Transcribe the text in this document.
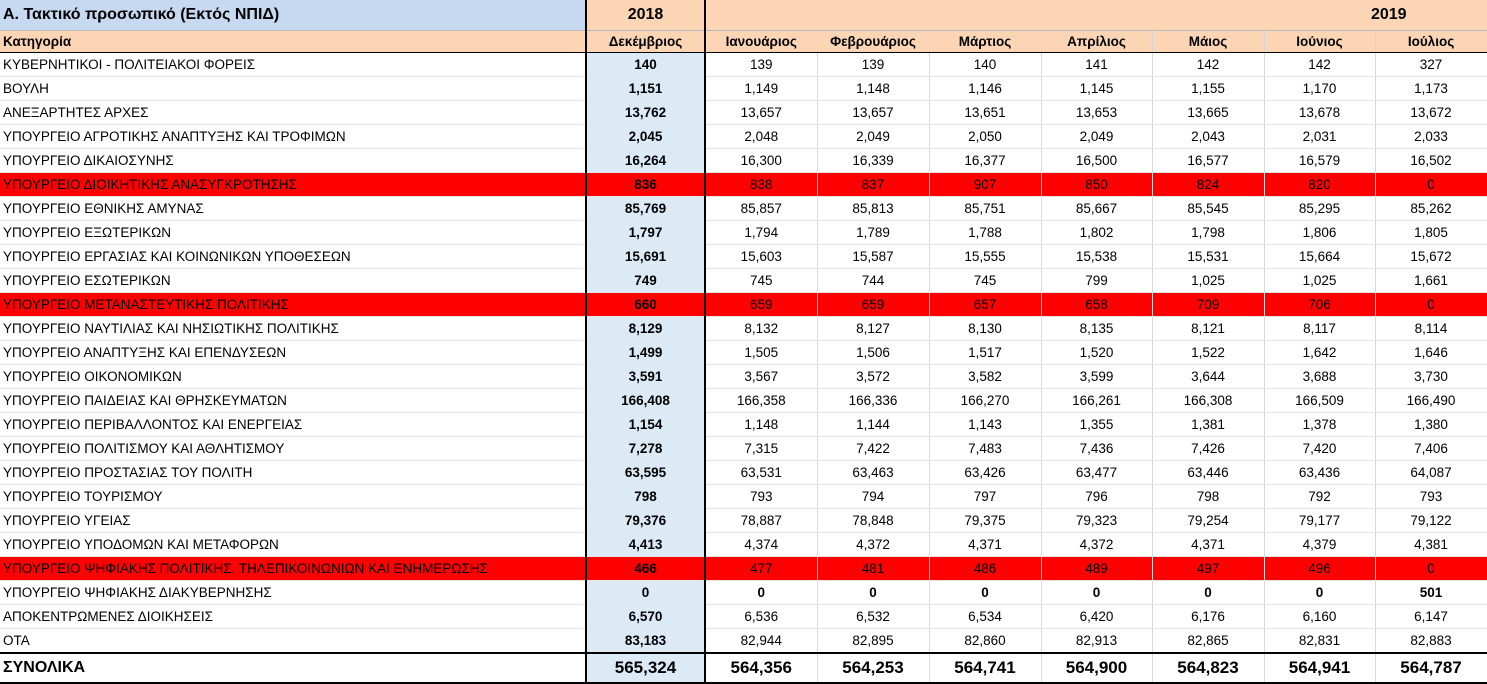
Α. Τακτικό προσωπικό (Εκτός ΝΠΙΔ)	2018	2019						
Κατηγορία	Δεκέμβριος	Ιανουάριος	Φεβρουάριος	Μάρτιος	Απρίλιος	Μάιος	Ιούνιος	Ιούλιος
ΚΥΒΕΡΝΗΤΙΚΟΙ - ΠΟΛΙΤΕΙΑΚΟΙ ΦΟΡΕΙΣ	140	139	139	140	141	142	142	327
ΒΟΥΛΗ	1,151	1,149	1,148	1,146	1,145	1,155	1,170	1,173
ΑΝΕΞΑΡΤΗΤΕΣ ΑΡΧΕΣ	13,762	13,657	13,657	13,651	13,653	13,665	13,678	13,672
ΥΠΟΥΡΓΕΙΟ ΑΓΡΟΤΙΚΗΣ ΑΝΑΠΤΥΞΗΣ ΚΑΙ ΤΡΟΦΙΜΩΝ	2,045	2,048	2,049	2,050	2,049	2,043	2,031	2,033
ΥΠΟΥΡΓΕΙΟ ΔΙΚΑΙΟΣΥΝΗΣ	16,264	16,300	16,339	16,377	16,500	16,577	16,579	16,502
ΥΠΟΥΡΓΕΙΟ ΔΙΟΙΚΗΤΙΚΗΣ ΑΝΑΣΥΓΚΡΟΤΗΣΗΣ	836	838	837	907	850	824	820	0
ΥΠΟΥΡΓΕΙΟ ΕΘΝΙΚΗΣ ΑΜΥΝΑΣ	85,769	85,857	85,813	85,751	85,667	85,545	85,295	85,262
ΥΠΟΥΡΓΕΙΟ ΕΞΩΤΕΡΙΚΩΝ	1,797	1,794	1,789	1,788	1,802	1,798	1,806	1,805
ΥΠΟΥΡΓΕΙΟ ΕΡΓΑΣΙΑΣ ΚΑΙ ΚΟΙΝΩΝΙΚΩΝ ΥΠΟΘΕΣΕΩΝ	15,691	15,603	15,587	15,555	15,538	15,531	15,664	15,672
ΥΠΟΥΡΓΕΙΟ ΕΣΩΤΕΡΙΚΩΝ	749	745	744	745	799	1,025	1,025	1,661
ΥΠΟΥΡΓΕΙΟ ΜΕΤΑΝΑΣΤΕΥΤΙΚΗΣ ΠΟΛΙΤΙΚΗΣ	660	659	659	657	658	709	706	0
ΥΠΟΥΡΓΕΙΟ ΝΑΥΤΙΛΙΑΣ ΚΑΙ ΝΗΣΙΩΤΙΚΗΣ ΠΟΛΙΤΙΚΗΣ	8,129	8,132	8,127	8,130	8,135	8,121	8,117	8,114
ΥΠΟΥΡΓΕΙΟ ΑΝΑΠΤΥΞΗΣ ΚΑΙ ΕΠΕΝΔΥΣΕΩΝ	1,499	1,505	1,506	1,517	1,520	1,522	1,642	1,646
ΥΠΟΥΡΓΕΙΟ ΟΙΚΟΝΟΜΙΚΩΝ	3,591	3,567	3,572	3,582	3,599	3,644	3,688	3,730
ΥΠΟΥΡΓΕΙΟ ΠΑΙΔΕΙΑΣ ΚΑΙ ΘΡΗΣΚΕΥΜΑΤΩΝ	166,408	166,358	166,336	166,270	166,261	166,308	166,509	166,490
ΥΠΟΥΡΓΕΙΟ ΠΕΡΙΒΑΛΛΟΝΤΟΣ ΚΑΙ ΕΝΕΡΓΕΙΑΣ	1,154	1,148	1,144	1,143	1,355	1,381	1,378	1,380
ΥΠΟΥΡΓΕΙΟ ΠΟΛΙΤΙΣΜΟΥ ΚΑΙ ΑΘΛΗΤΙΣΜΟΥ	7,278	7,315	7,422	7,483	7,436	7,426	7,420	7,406
ΥΠΟΥΡΓΕΙΟ ΠΡΟΣΤΑΣΙΑΣ ΤΟΥ ΠΟΛΙΤΗ	63,595	63,531	63,463	63,426	63,477	63,446	63,436	64,087
ΥΠΟΥΡΓΕΙΟ ΤΟΥΡΙΣΜΟΥ	798	793	794	797	796	798	792	793
ΥΠΟΥΡΓΕΙΟ ΥΓΕΙΑΣ	79,376	78,887	78,848	79,375	79,323	79,254	79,177	79,122
ΥΠΟΥΡΓΕΙΟ ΥΠΟΔΟΜΩΝ ΚΑΙ ΜΕΤΑΦΟΡΩΝ	4,413	4,374	4,372	4,371	4,372	4,371	4,379	4,381
ΥΠΟΥΡΓΕΙΟ ΨΗΦΙΑΚΗΣ ΠΟΛΙΤΙΚΗΣ, ΤΗΛΕΠΙΚΟΙΝΩΝΙΩΝ ΚΑΙ ΕΝΗΜΕΡΩΣΗΣ	466	477	481	486	489	497	496	0
ΥΠΟΥΡΓΕΙΟ ΨΗΦΙΑΚΗΣ ΔΙΑΚΥΒΕΡΝΗΣΗΣ	0	0	0	0	0	0	0	501
ΑΠΟΚΕΝΤΡΩΜΕΝΕΣ ΔΙΟΙΚΗΣΕΙΣ	6,570	6,536	6,532	6,534	6,420	6,176	6,160	6,147
ΟΤΑ	83,183	82,944	82,895	82,860	82,913	82,865	82,831	82,883
ΣΥΝΟΛΙΚΑ	565,324	564,356	564,253	564,741	564,900	564,823	564,941	564,787
